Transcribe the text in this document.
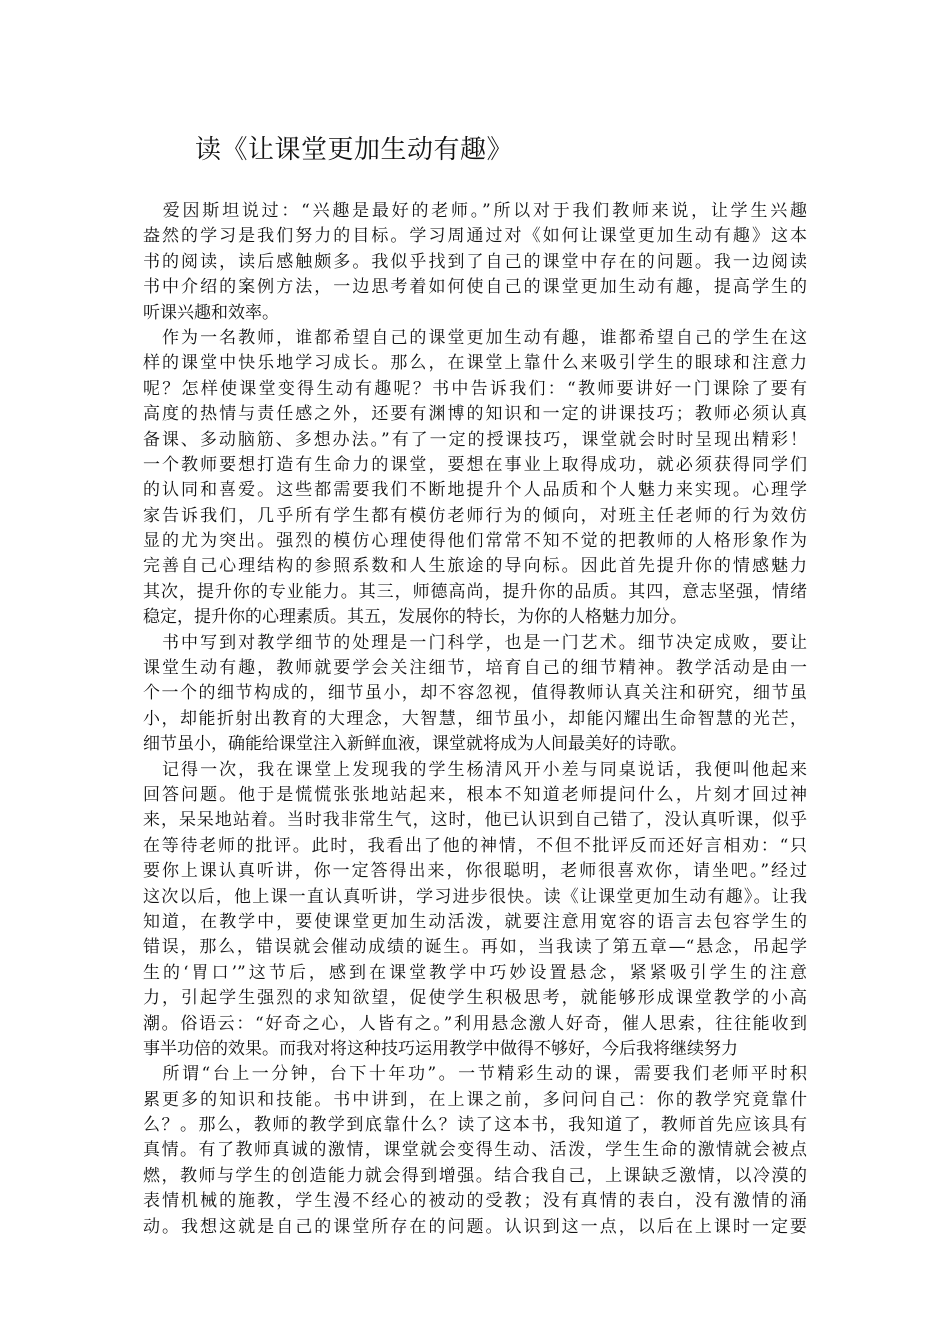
读《让课堂更加生动有趣》
　爱因斯坦说过：“兴趣是最好的老师。”所以对于我们教师来说，让学生兴趣
盎然的学习是我们努力的目标。学习周通过对《如何让课堂更加生动有趣》这本
书的阅读，读后感触颇多。我似乎找到了自己的课堂中存在的问题。我一边阅读
书中介绍的案例方法，一边思考着如何使自己的课堂更加生动有趣，提高学生的
听课兴趣和效率。
　作为一名教师，谁都希望自己的课堂更加生动有趣，谁都希望自己的学生在这
样的课堂中快乐地学习成长。那么，在课堂上靠什么来吸引学生的眼球和注意力
呢？怎样使课堂变得生动有趣呢？书中告诉我们：“教师要讲好一门课除了要有
高度的热情与责任感之外，还要有渊博的知识和一定的讲课技巧；教师必须认真
备课、多动脑筋、多想办法。”有了一定的授课技巧，课堂就会时时呈现出精彩！
一个教师要想打造有生命力的课堂，要想在事业上取得成功，就必须获得同学们
的认同和喜爱。这些都需要我们不断地提升个人品质和个人魅力来实现。心理学
家告诉我们，几乎所有学生都有模仿老师行为的倾向，对班主任老师的行为效仿
显的尤为突出。强烈的模仿心理使得他们常常不知不觉的把教师的人格形象作为
完善自己心理结构的参照系数和人生旅途的导向标。因此首先提升你的情感魅力
其次，提升你的专业能力。其三，师德高尚，提升你的品质。其四，意志坚强，情绪
稳定，提升你的心理素质。其五，发展你的特长，为你的人格魅力加分。
　书中写到对教学细节的处理是一门科学，也是一门艺术。细节决定成败，要让
课堂生动有趣，教师就要学会关注细节，培育自己的细节精神。教学活动是由一
个一个的细节构成的，细节虽小，却不容忽视，值得教师认真关注和研究，细节虽
小，却能折射出教育的大理念，大智慧，细节虽小，却能闪耀出生命智慧的光芒，
细节虽小，确能给课堂注入新鲜血液，课堂就将成为人间最美好的诗歌。
　记得一次，我在课堂上发现我的学生杨清风开小差与同桌说话，我便叫他起来
回答问题。他于是慌慌张张地站起来，根本不知道老师提问什么，片刻才回过神
来，呆呆地站着。当时我非常生气，这时，他已认识到自己错了，没认真听课，似乎
在等待老师的批评。此时，我看出了他的神情，不但不批评反而还好言相劝：“只
要你上课认真听讲，你一定答得出来，你很聪明，老师很喜欢你，请坐吧。”经过
这次以后，他上课一直认真听讲，学习进步很快。读《让课堂更加生动有趣》。让我
知道，在教学中，要使课堂更加生动活泼，就要注意用宽容的语言去包容学生的
错误，那么，错误就会催动成绩的诞生。再如，当我读了第五章—“悬念，吊起学
生的‘胃口’”这节后，感到在课堂教学中巧妙设置悬念，紧紧吸引学生的注意
力，引起学生强烈的求知欲望，促使学生积极思考，就能够形成课堂教学的小高
潮。俗语云：“好奇之心，人皆有之。”利用悬念激人好奇，催人思索，往往能收到
事半功倍的效果。而我对将这种技巧运用教学中做得不够好，今后我将继续努力
　所谓“台上一分钟，台下十年功”。一节精彩生动的课，需要我们老师平时积
累更多的知识和技能。书中讲到，在上课之前，多问问自己：你的教学究竟靠什
么？。那么，教师的教学到底靠什么？读了这本书，我知道了，教师首先应该具有
真情。有了教师真诚的激情，课堂就会变得生动、活泼，学生生命的激情就会被点
燃，教师与学生的创造能力就会得到增强。结合我自己，上课缺乏激情，以冷漠的
表情机械的施教，学生漫不经心的被动的受教；没有真情的表白，没有激情的涌
动。我想这就是自己的课堂所存在的问题。认识到这一点，以后在上课时一定要
